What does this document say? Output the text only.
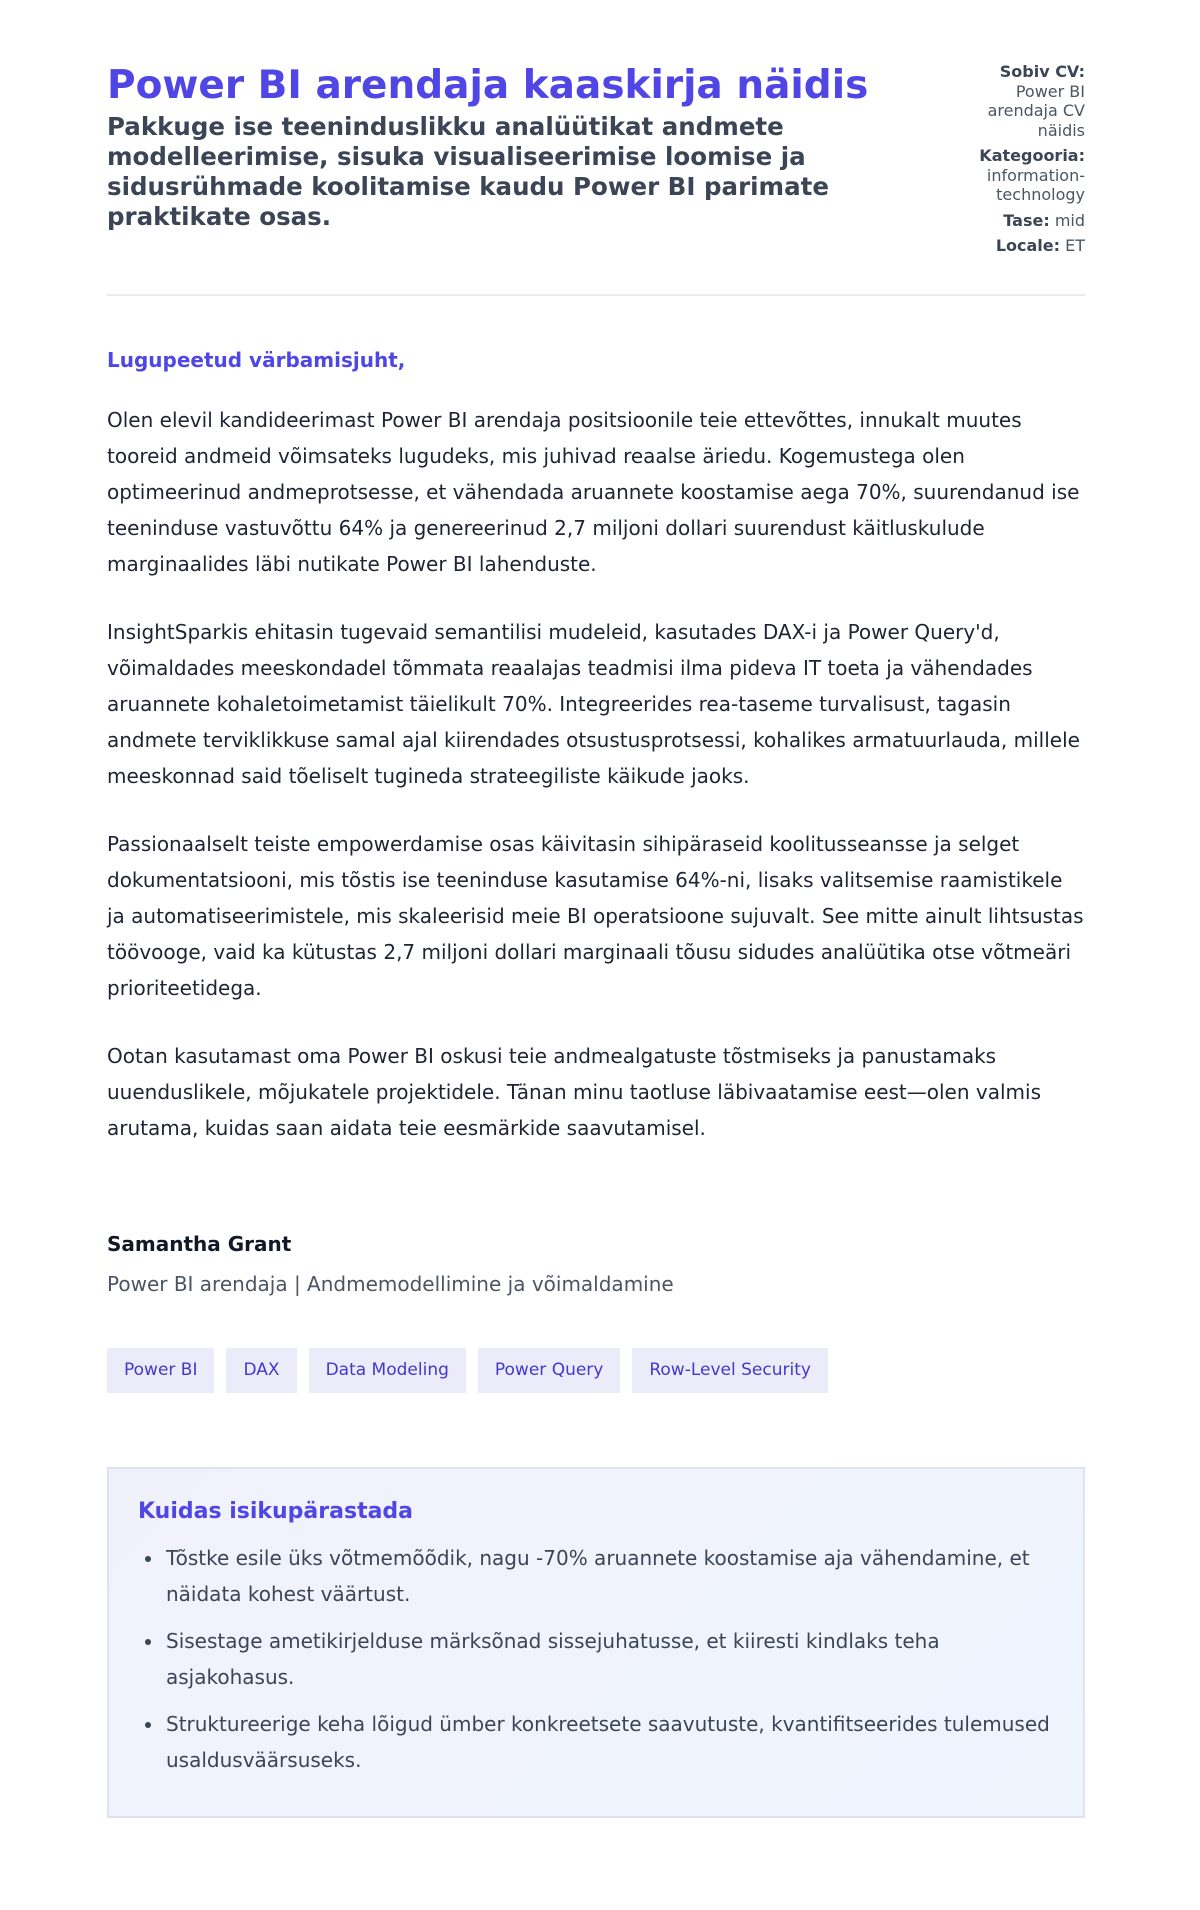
Power BI arendaja kaaskirja näidis
Pakkuge ise teeninduslikku analüütikat andmete modelleerimise, sisuka visualiseerimise loomise ja sidusrühmade koolitamise kaudu Power BI parimate praktikate osas.
Sobiv CV:
Power BI arendaja CV näidis
Kategooria:
information-technology
Tase: mid
Locale: ET
Lugupeetud värbamisjuht,

Olen elevil kandideerimast Power BI arendaja positsioonile teie ettevõttes, innukalt muutes tooreid andmeid võimsateks lugudeks, mis juhivad reaalse äriedu. Kogemustega olen optimeerinud andmeprotsesse, et vähendada aruannete koostamise aega 70%, suurendanud ise teeninduse vastuvõttu 64% ja genereerinud 2,7 miljoni dollari suurendust käitluskulude marginaalides läbi nutikate Power BI lahenduste.

InsightSparkis ehitasin tugevaid semantilisi mudeleid, kasutades DAX-i ja Power Query'd, võimaldades meeskondadel tõmmata reaalajas teadmisi ilma pideva IT toeta ja vähendades aruannete kohaletoimetamist täielikult 70%. Integreerides rea-taseme turvalisust, tagasin andmete terviklikkuse samal ajal kiirendades otsustusprotsessi, kohalikes armatuurlauda, millele meeskonnad said tõeliselt tugineda strateegiliste käikude jaoks.

Passionaalselt teiste empowerdamise osas käivitasin sihipäraseid koolitusseansse ja selget dokumentatsiooni, mis tõstis ise teeninduse kasutamise 64%-ni, lisaks valitsemise raamistikele ja automatiseerimistele, mis skaleerisid meie BI operatsioone sujuvalt. See mitte ainult lihtsustas töövooge, vaid ka kütustas 2,7 miljoni dollari marginaali tõusu sidudes analüütika otse võtmeäri prioriteetidega.

Ootan kasutamast oma Power BI oskusi teie andmealgatuste tõstmiseks ja panustamaks uuenduslikele, mõjukatele projektidele. Tänan minu taotluse läbivaatamise eest—olen valmis arutama, kuidas saan aidata teie eesmärkide saavutamisel.

Samantha Grant
Power BI arendaja | Andmemodellimine ja võimaldamine
Power BI	DAX	Data Modeling	Power Query	Row-Level Security
Kuidas isikupärastada
• Tõstke esile üks võtmemõõdik, nagu -70% aruannete koostamise aja vähendamine, et näidata kohest väärtust.
• Sisestage ametikirjelduse märksõnad sissejuhatusse, et kiiresti kindlaks teha asjakohasus.
• Struktureerige keha lõigud ümber konkreetsete saavutuste, kvantifitseerides tulemused usaldusväärsuseks.
